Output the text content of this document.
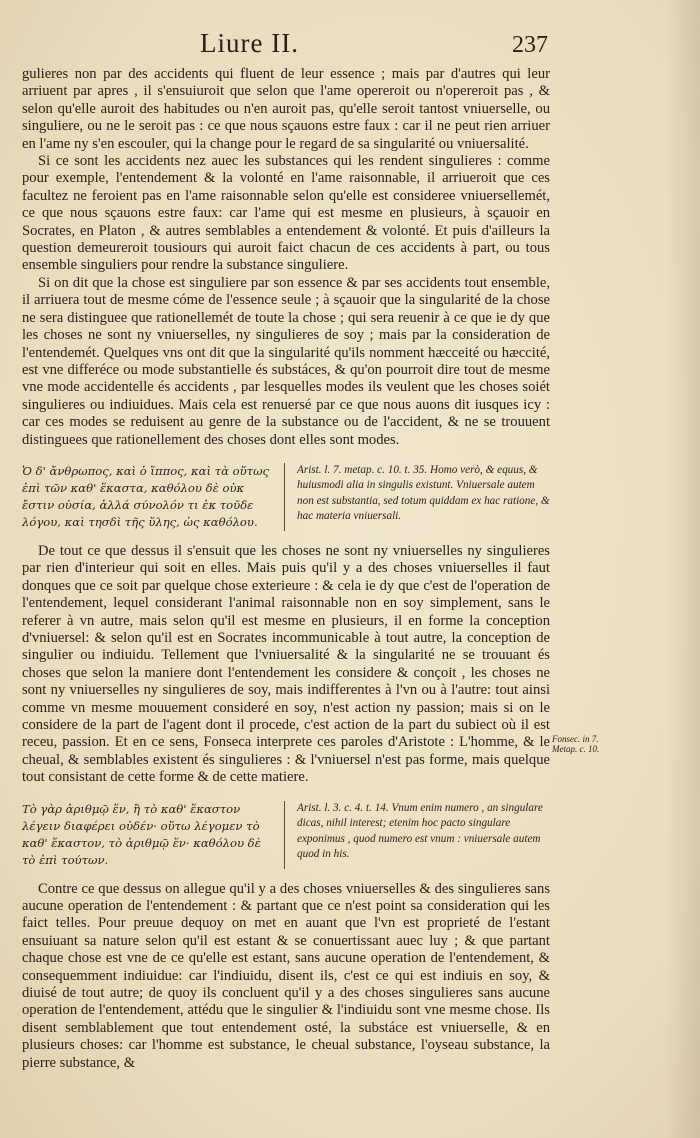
Liure II.	237

gulieres non par des accidents qui fluent de leur essence ; mais par d'autres qui leur arriuent par apres , il s'ensuiuroit que selon que l'ame opereroit ou n'opereroit pas , & selon qu'elle auroit des habitudes ou n'en auroit pas, qu'elle seroit tantost vniuerselle, ou singuliere, ou ne le seroit pas : ce que nous sçauons estre faux : car il ne peut rien arriuer en l'ame ny s'en escouler, qui la change pour le regard de sa singularité ou vniuersalité.

Si ce sont les accidents nez auec les substances qui les rendent singulieres : comme pour exemple, l'entendement & la volonté en l'ame raisonnable, il arriueroit que ces facultez ne feroient pas en l'ame raisonnable selon qu'elle est consideree vniuersellemét, ce que nous sçauons estre faux: car l'ame qui est mesme en plusieurs, à sçauoir en Socrates, en Platon , & autres semblables a entendement & volonté. Et puis d'ailleurs la question demeureroit tousiours qui auroit faict chacun de ces accidents à part, ou tous ensemble singuliers pour rendre la substance singuliere.

Si on dit que la chose est singuliere par son essence & par ses accidents tout ensemble, il arriuera tout de mesme cóme de l'essence seule ; à sçauoir que la singularité de la chose ne sera distinguee que rationellemét de toute la chose ; qui sera reuenir à ce que ie dy que les choses ne sont ny vniuerselles, ny singulieres de soy ; mais par la consideration de l'entendemét. Quelques vns ont dit que la singularité qu'ils nomment hæcceité ou hæccité, est vne differéce ou mode substantielle és substáces, & qu'on pourroit dire tout de mesme vne mode accidentelle és accidents , par lesquelles modes ils veulent que les choses soiét singulieres ou indiuidues. Mais cela est renuersé par ce que nous auons dit iusques icy : car ces modes se reduisent au genre de la substance ou de l'accident, & ne se trouuent distinguees que rationellement des choses dont elles sont modes.

Ὁ δ' ἄνθρωπος, καὶ ὁ ἵππος, καὶ τὰ οὕτως ἐπὶ τῶν καθ' ἕκαστα, καθόλου δὲ οὐκ ἔστιν οὐσία, ἀλλά σύνολόν τι ἐκ τοῦδε λόγου, καὶ τησδὶ τῆς ὕλης, ὡς καθόλου.
Arist. l. 7. metap. c. 10. t. 35. Homo verò, & equus, & huiusmodi alia in singulis existunt. Vniuersale autem non est substantia, sed totum quiddam ex hac ratione, & hac materia vniuersali.

De tout ce que dessus il s'ensuit que les choses ne sont ny vniuerselles ny singulieres par rien d'interieur qui soit en elles. Mais puis qu'il y a des choses vniuerselles il faut donques que ce soit par quelque chose exterieure : & cela ie dy que c'est de l'operation de l'entendement, lequel considerant l'animal raisonnable non en soy simplement, sans le referer à vn autre, mais selon qu'il est mesme en plusieurs, il en forme la conception d'vniuersel: & selon qu'il est en Socrates incommunicable à tout autre, la conception de singulier ou indiuidu. Tellement que l'vniuersalité & la singularité ne se trouuant és choses que selon la maniere dont l'entendement les considere & conçoit , les choses ne sont ny vniuerselles ny singulieres de soy, mais indifferentes à l'vn ou à l'autre: tout ainsi comme vn mesme mouuement consideré en soy, n'est action ny passion; mais si on le considere de la part de l'agent dont il procede, c'est action de la part du subiect où il est receu, passion. Et en ce sens, Fonseca interprete ces paroles d'Aristote : L'homme, & le cheual, & semblables existent és singulieres : & l'vniuersel n'est pas forme, mais quelque tout consistant de cette forme & de cette matiere.

Τὸ γὰρ ἀριθμῷ ἕν, ἢ τὸ καθ' ἕκαστον λέγειν διαφέρει οὐδέν· οὕτω λέγομεν τὸ καθ' ἕκαστον, τὸ ἀριθμῷ ἕν· καθόλου δὲ τὸ ἐπὶ τούτων.
Arist. l. 3. c. 4. t. 14. Vnum enim numero , an singulare dicas, nihil interest; etenim hoc pacto singulare exponimus , quod numero est vnum : vniuersale autem quod in his.

Contre ce que dessus on allegue qu'il y a des choses vniuerselles & des singulieres sans aucune operation de l'entendement : & partant que ce n'est point sa consideration qui les faict telles. Pour preuue dequoy on met en auant que l'vn est proprieté de l'estant ensuiuant sa nature selon qu'il est estant & se conuertissant auec luy ; & que partant chaque chose est vne de ce qu'elle est estant, sans aucune operation de l'entendement, & consequemment indiuidue: car l'indiuidu, disent ils, c'est ce qui est indiuis en soy, & diuisé de tout autre; de quoy ils concluent qu'il y a des choses singulieres sans aucune operation de l'entendement, attédu que le singulier & l'indiuidu sont vne mesme chose. Ils disent semblablement que tout entendement osté, la substáce est vniuerselle, & en plusieurs choses: car l'homme est substance, le cheual substance, l'oyseau substance, la pierre substance, &

Fonsec. in 7. Metap. c. 10.
